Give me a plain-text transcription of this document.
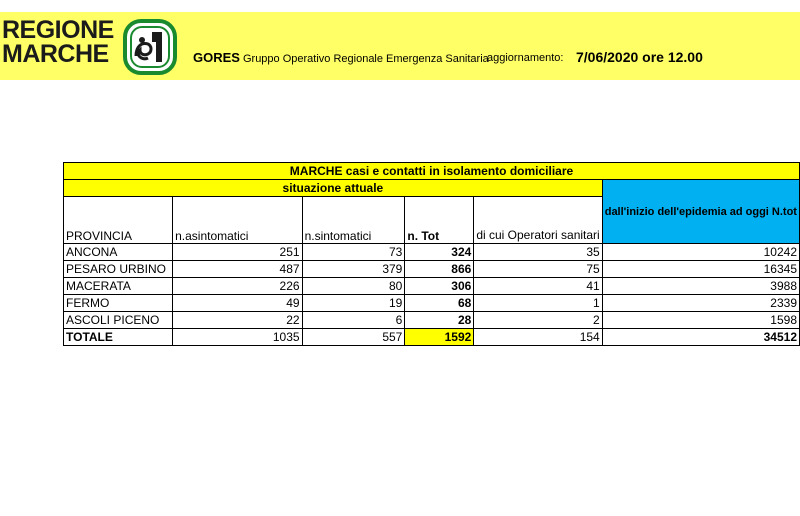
REGIONE
MARCHE	GORES Gruppo Operativo Regionale Emergenza Sanitaria
aggiornamento: 7/06/2020 ore 12.00
MARCHE casi e contatti in isolamento domiciliare					
situazione attuale					dall'inizio dell'epidemia ad oggi N.tot
PROVINCIA	n.asintomatici	n.sintomatici	n. Tot	di cui Operatori sanitari	
ANCONA	251	73	324	35	10242
PESARO URBINO	487	379	866	75	16345
MACERATA	226	80	306	41	3988
FERMO	49	19	68	1	2339
ASCOLI PICENO	22	6	28	2	1598
TOTALE	1035	557	1592	154	34512
